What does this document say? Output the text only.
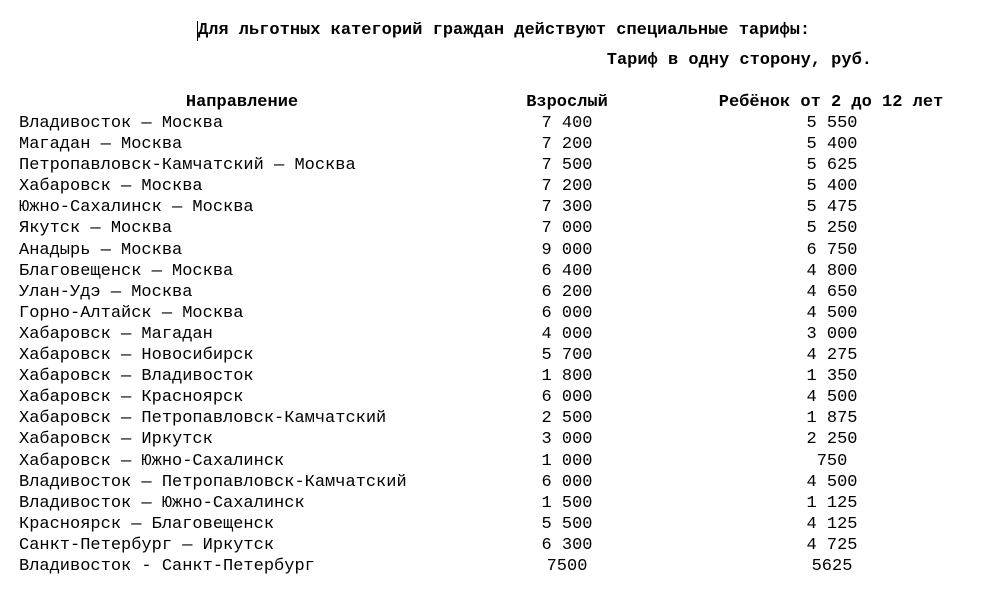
Для льготных категорий граждан действуют специальные тарифы:
Тариф в одну сторону, руб.
Направление	Взрослый	Ребёнок от 2 до 12 лет
Владивосток — Москва	7 400	5 550
Магадан — Москва	7 200	5 400
Петропавловск-Камчатский — Москва	7 500	5 625
Хабаровск — Москва	7 200	5 400
Южно-Сахалинск — Москва	7 300	5 475
Якутск — Москва	7 000	5 250
Анадырь — Москва	9 000	6 750
Благовещенск — Москва	6 400	4 800
Улан-Удэ — Москва	6 200	4 650
Горно-Алтайск — Москва	6 000	4 500
Хабаровск — Магадан	4 000	3 000
Хабаровск — Новосибирск	5 700	4 275
Хабаровск — Владивосток	1 800	1 350
Хабаровск — Красноярск	6 000	4 500
Хабаровск — Петропавловск-Камчатский	2 500	1 875
Хабаровск — Иркутск	3 000	2 250
Хабаровск — Южно-Сахалинск	1 000	750
Владивосток — Петропавловск-Камчатский	6 000	4 500
Владивосток — Южно-Сахалинск	1 500	1 125
Красноярск — Благовещенск	5 500	4 125
Санкт-Петербург — Иркутск	6 300	4 725
Владивосток - Санкт-Петербург	7500	5625
